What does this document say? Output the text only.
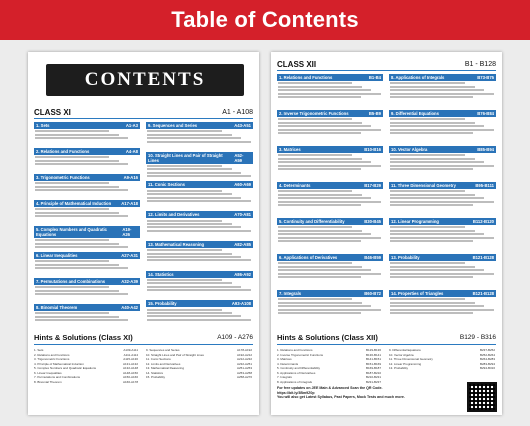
Table of Contents
CONTENTS
CLASS XI	A1 - A108
1. Sets	A1-A3
2. Relations and Functions	A4-A8
3. Trigonometric Functions	A9-A16
4. Principle of Mathematical Induction A17-A18
5. Complex Numbers and Quadratic Equations
A19-A26
6. Linear Inequalities	A27-A31
7. Permutations and Combinations	A32-A39
8. Binomial Theorem	A40-A42
9. Sequences and Series	A43-A51
10. Straight Lines and Pair of Straight Lines
A52-A59
11. Conic Sections	A60-A69
12. Limits and Derivatives	A70-A81
13. Mathematical Reasoning	A82-A85
14. Statistics	A86-A92
15. Probability	A93-A108
Hints & Solutions (Class XI)	A109 - A276
1. Sets	A109-A111
2. Relations and Functions	A111-A114
3. Trigonometric Functions	A115-A130
4. Principle of Mathematical Induction	A131-A132
5. Complex Numbers and Quadratic Equations	A132-A148
6. Linear Inequalities	A148-A150
7. Permutations and Combinations	A150-A166
8. Binomial Theorem	A166-A178
9. Sequences and Series	A178-A192
10. Straight Lines and Pair of Straight Lines	A192-A212
11. Conic Sections	A212-A232
12. Limits and Derivatives	A232-A251
13. Mathematical Reasoning	A251-A253
14. Statistics	A253-A258
15. Probability	A258-A276
CLASS XII	B1 - B128
1. Relations and Functions	B1-B4
2. Inverse Trigonometric Functions	B5-B9
3. Matrices	B10-B16
4. Determinants	B17-B29
5. Continuity and Differentiability	B30-B45
6. Applications of Derivatives	B46-B59
7. Integrals	B60-B72
8. Applications of Integrals	B73-B75
9. Differential Equations	B76-B84
10. Vector Algebra	B85-B94
11. Three Dimensional Geometry	B95-B111
12. Linear Programming	B112-B120
13. Probability	B121-B128
14. Properties of Triangles	B121-B128
Hints & Solutions (Class XII)	B129 - B316
1. Relations and Functions	B129-B136
2. Inverse Trigonometric Functions	B136-B141
3. Matrices	B141-B151
4. Determinants	B151-B169
5. Continuity and Differentiability	B169-B187
6. Applications of Derivatives	B187-B210
7. Integrals	B210-B231
8. Applications of Integrals	B231-B237
9. Differential Equations	B237-B252
10. Vector Algebra	B252-B264
11. Three Dimensional Geometry	B264-B283
12. Linear Programming	B283-B294
13. Probability	B294-B316
For free updates on JEE Main & Advanced Scan the QR Code.
https://bit.ly/3Bm9Z0p
You will also get Latest Syllabus, Past Papers, Mock Tests and much more.
